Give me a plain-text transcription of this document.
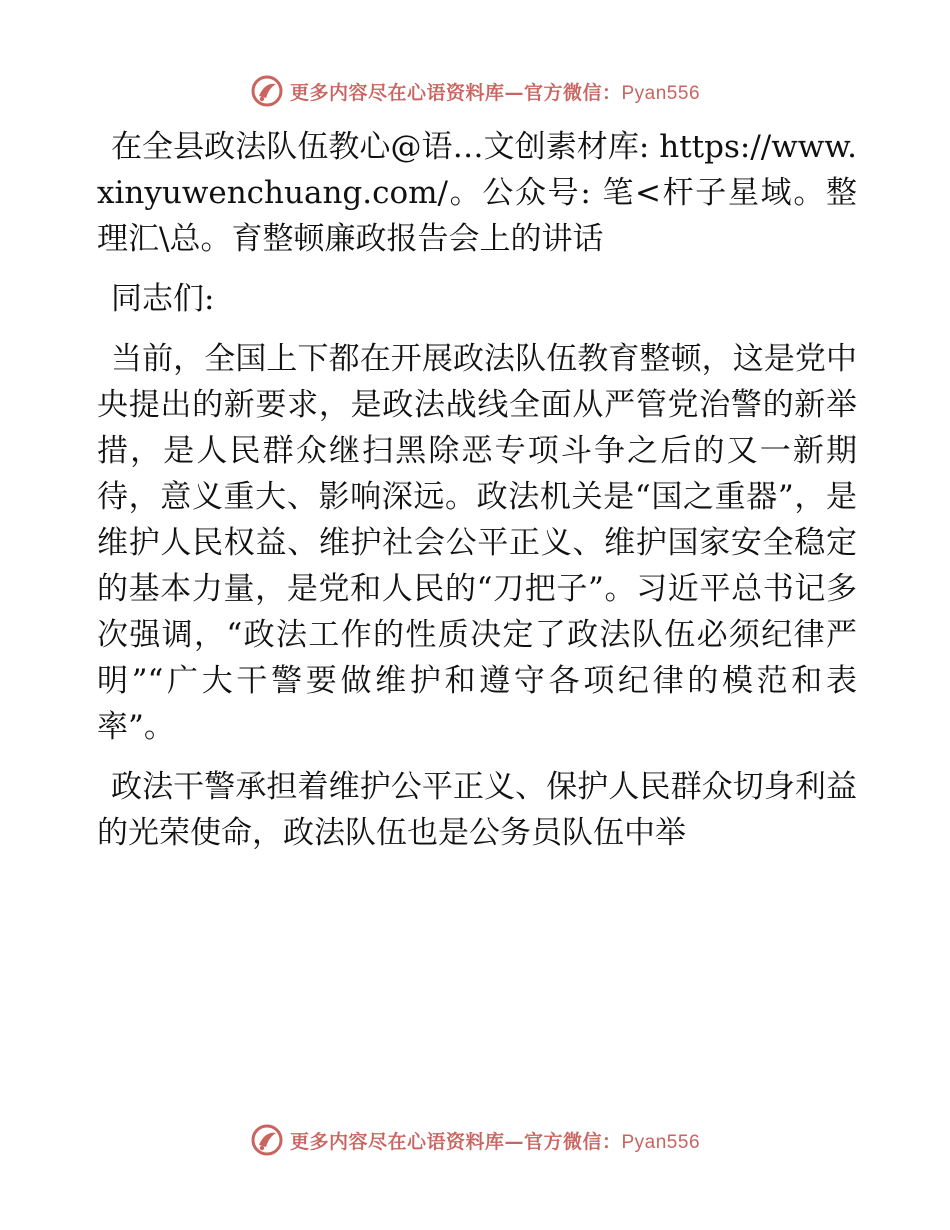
更多内容尽在心语资料库—官方微信：Pyan556

在全县政法队伍教心@语…文创素材库: https://www.xinyuwenchuang.com/。公众号: 笔<杆子星域。整理汇\总。育整顿廉政报告会上的讲话

同志们:

当前，全国上下都在开展政法队伍教育整顿，这是党中央提出的新要求，是政法战线全面从严管党治警的新举措，是人民群众继扫黑除恶专项斗争之后的又一新期待，意义重大、影响深远。政法机关是“国之重器”，是维护人民权益、维护社会公平正义、维护国家安全稳定的基本力量，是党和人民的“刀把子”。习近平总书记多次强调，“政法工作的性质决定了政法队伍必须纪律严明”“广大干警要做维护和遵守各项纪律的模范和表率”。

政法干警承担着维护公平正义、保护人民群众切身利益的光荣使命，政法队伍也是公务员队伍中举

更多内容尽在心语资料库—官方微信：Pyan556
